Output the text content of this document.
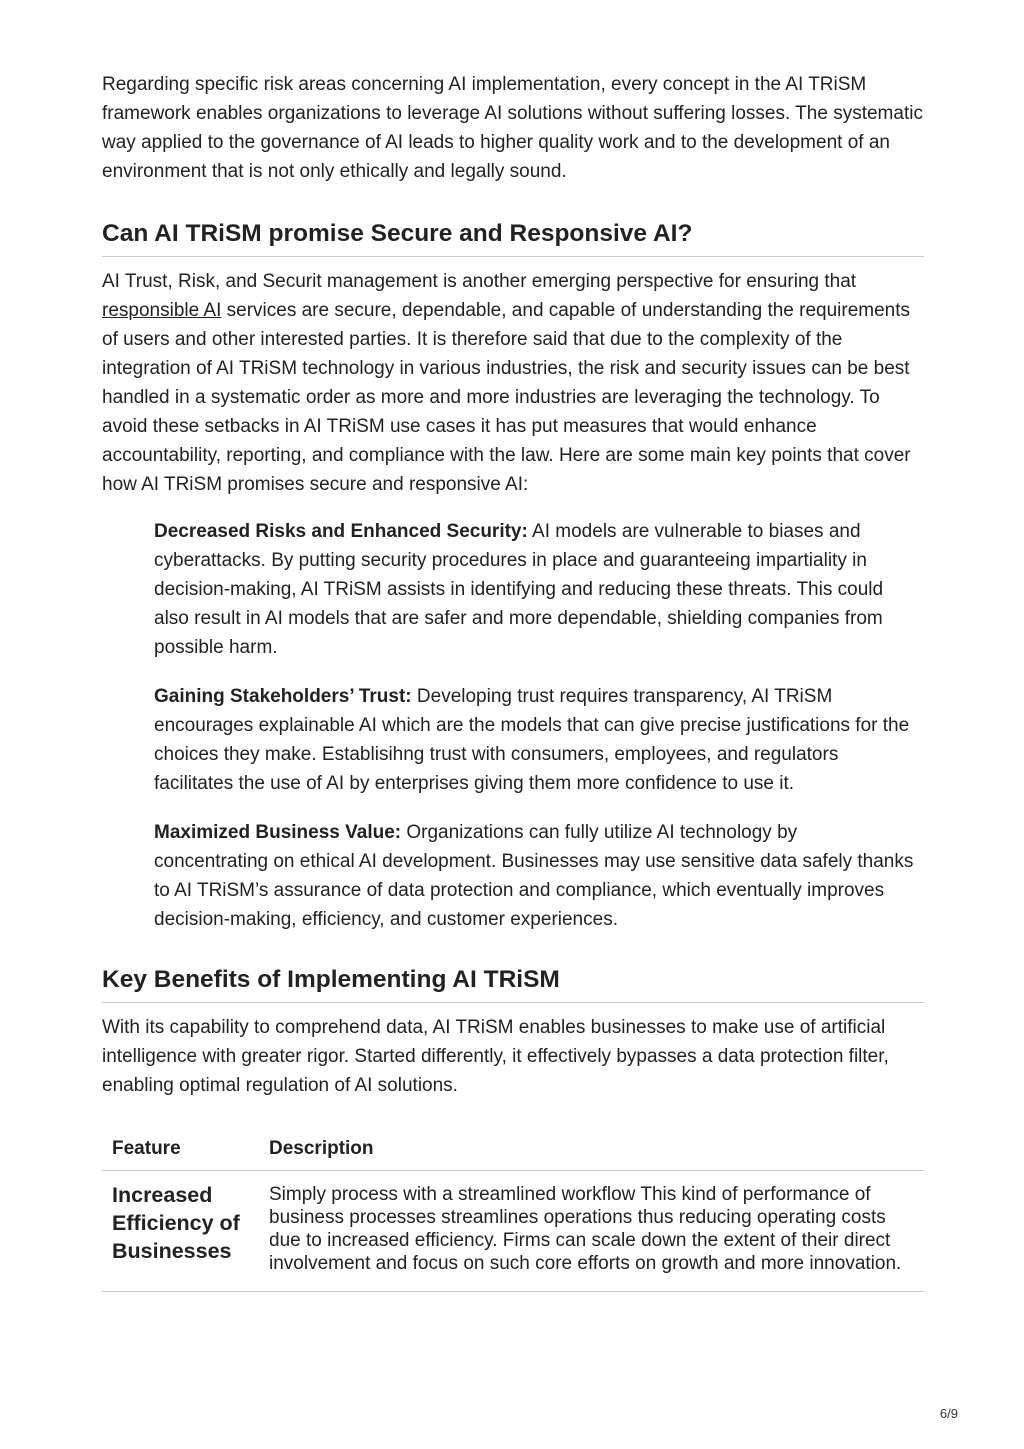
Regarding specific risk areas concerning AI implementation, every concept in the AI TRiSM framework enables organizations to leverage AI solutions without suffering losses. The systematic way applied to the governance of AI leads to higher quality work and to the development of an environment that is not only ethically and legally sound.

Can AI TRiSM promise Secure and Responsive AI?

AI Trust, Risk, and Securit management is another emerging perspective for ensuring that responsible AI services are secure, dependable, and capable of understanding the requirements of users and other interested parties. It is therefore said that due to the complexity of the integration of AI TRiSM technology in various industries, the risk and security issues can be best handled in a systematic order as more and more industries are leveraging the technology. To avoid these setbacks in AI TRiSM use cases it has put measures that would enhance accountability, reporting, and compliance with the law. Here are some main key points that cover how AI TRiSM promises secure and responsive AI:

Decreased Risks and Enhanced Security: AI models are vulnerable to biases and cyberattacks. By putting security procedures in place and guaranteeing impartiality in decision-making, AI TRiSM assists in identifying and reducing these threats. This could also result in AI models that are safer and more dependable, shielding companies from possible harm.

Gaining Stakeholders’ Trust: Developing trust requires transparency, AI TRiSM encourages explainable AI which are the models that can give precise justifications for the choices they make. Establisihng trust with consumers, employees, and regulators facilitates the use of AI by enterprises giving them more confidence to use it.

Maximized Business Value: Organizations can fully utilize AI technology by concentrating on ethical AI development. Businesses may use sensitive data safely thanks to AI TRiSM’s assurance of data protection and compliance, which eventually improves decision-making, efficiency, and customer experiences.

Key Benefits of Implementing AI TRiSM

With its capability to comprehend data, AI TRiSM enables businesses to make use of artificial intelligence with greater rigor. Started differently, it effectively bypasses a data protection filter, enabling optimal regulation of AI solutions.

Feature	Description
Increased Efficiency of Businesses	Simply process with a streamlined workflow This kind of performance of business processes streamlines operations thus reducing operating costs due to increased efficiency. Firms can scale down the extent of their direct involvement and focus on such core efforts on growth and more innovation.
6/9
